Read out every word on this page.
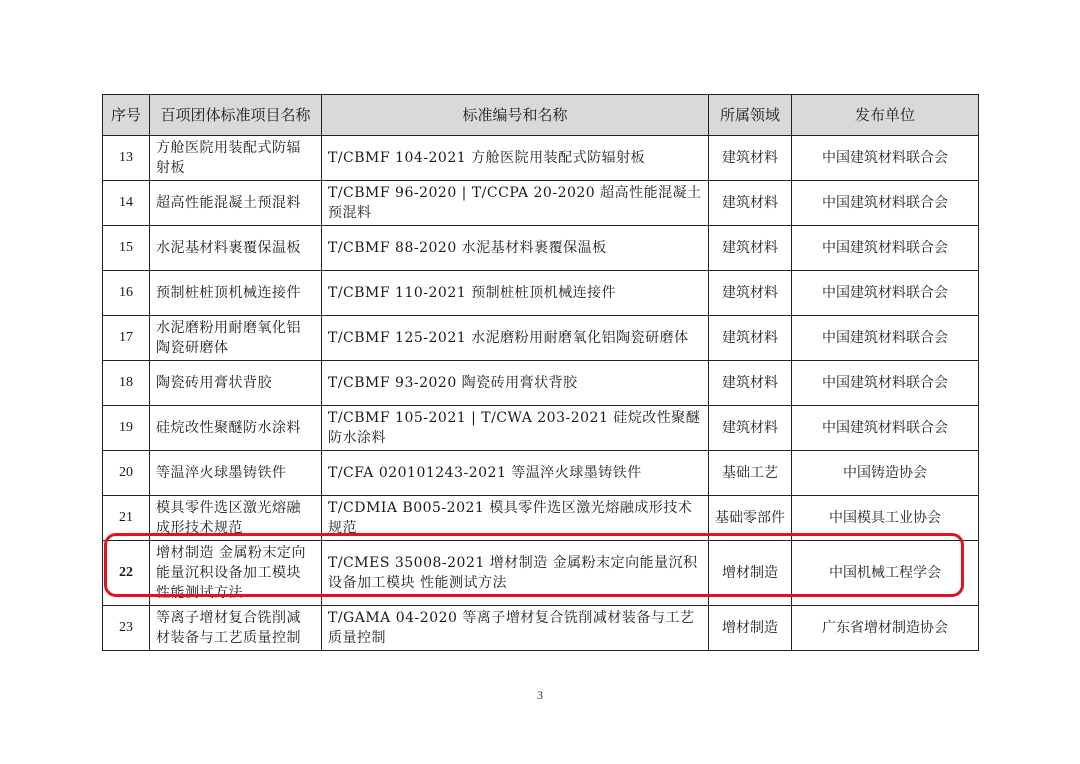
序号	百项团体标准项目名称	标准编号和名称	所属领域	发布单位
13	方舱医院用装配式防辐射板	T/CBMF 104-2021 方舱医院用装配式防辐射板	建筑材料	中国建筑材料联合会
14	超高性能混凝土预混料	T/CBMF 96-2020 | T/CCPA 20-2020 超高性能混凝土预混料	建筑材料	中国建筑材料联合会
15	水泥基材料裹覆保温板	T/CBMF 88-2020 水泥基材料裹覆保温板	建筑材料	中国建筑材料联合会
16	预制桩桩顶机械连接件	T/CBMF 110-2021 预制桩桩顶机械连接件	建筑材料	中国建筑材料联合会
17	水泥磨粉用耐磨氧化铝陶瓷研磨体	T/CBMF 125-2021 水泥磨粉用耐磨氧化铝陶瓷研磨体	建筑材料	中国建筑材料联合会
18	陶瓷砖用膏状背胶	T/CBMF 93-2020 陶瓷砖用膏状背胶	建筑材料	中国建筑材料联合会
19	硅烷改性聚醚防水涂料	T/CBMF 105-2021 | T/CWA 203-2021 硅烷改性聚醚防水涂料	建筑材料	中国建筑材料联合会
20	等温淬火球墨铸铁件	T/CFA 020101243-2021 等温淬火球墨铸铁件	基础工艺	中国铸造协会
21	模具零件选区激光熔融成形技术规范	T/CDMIA B005-2021 模具零件选区激光熔融成形技术规范	基础零部件	中国模具工业协会
22	增材制造 金属粉末定向能量沉积设备加工模块 性能测试方法	T/CMES 35008-2021 增材制造 金属粉末定向能量沉积设备加工模块 性能测试方法	增材制造	中国机械工程学会
23	等离子增材复合铣削减材装备与工艺质量控制	T/GAMA 04-2020 等离子增材复合铣削减材装备与工艺质量控制	增材制造	广东省增材制造协会
3
